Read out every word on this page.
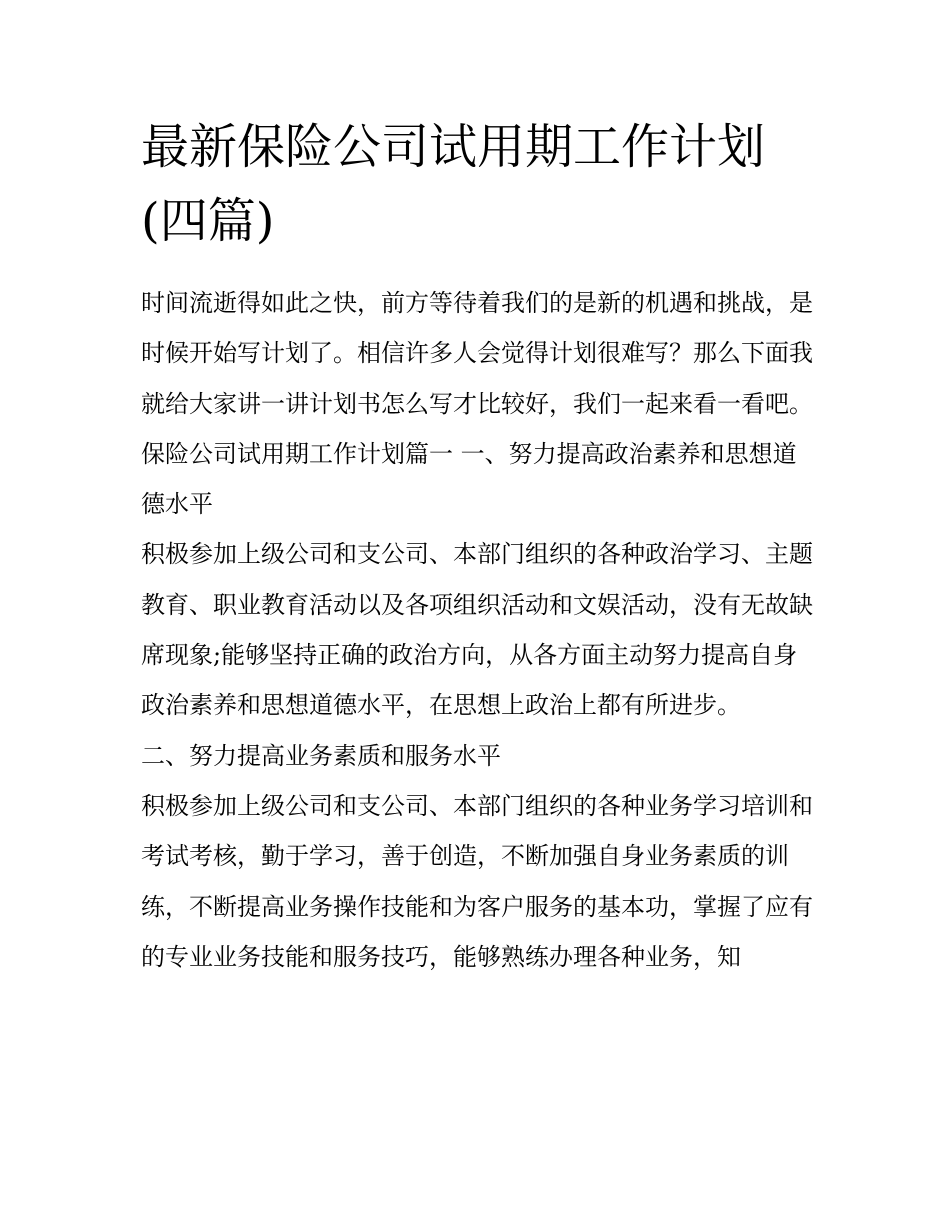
最新保险公司试用期工作计划(四篇)

时间流逝得如此之快，前方等待着我们的是新的机遇和挑战，是时候开始写计划了。相信许多人会觉得计划很难写？那么下面我就给大家讲一讲计划书怎么写才比较好，我们一起来看一看吧。

保险公司试用期工作计划篇一 一、努力提高政治素养和思想道德水平

积极参加上级公司和支公司、本部门组织的各种政治学习、主题教育、职业教育活动以及各项组织活动和文娱活动，没有无故缺席现象;能够坚持正确的政治方向，从各方面主动努力提高自身政治素养和思想道德水平，在思想上政治上都有所进步。

二、努力提高业务素质和服务水平

积极参加上级公司和支公司、本部门组织的各种业务学习培训和考试考核，勤于学习，善于创造，不断加强自身业务素质的训练，不断提高业务操作技能和为客户服务的基本功，掌握了应有的专业业务技能和服务技巧，能够熟练办理各种业务，知
